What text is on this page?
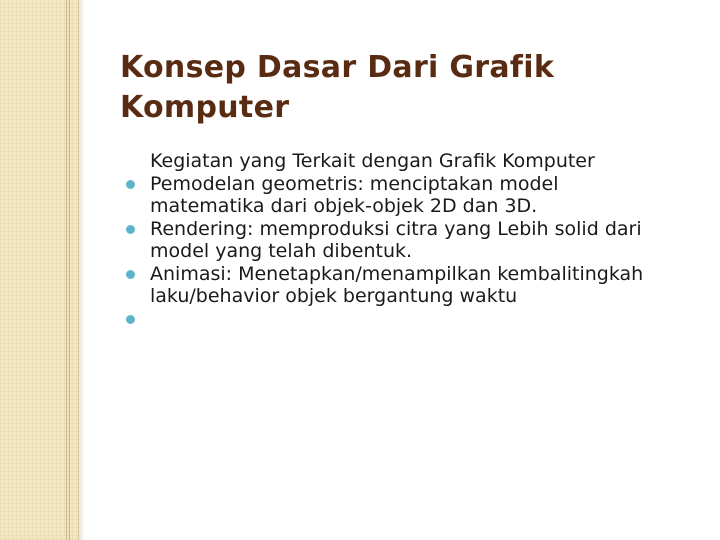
Konsep Dasar Dari Grafik Komputer
Kegiatan yang Terkait dengan Grafik Komputer
Pemodelan geometris: menciptakan model matematika dari objek-objek 2D dan 3D.
Rendering: memproduksi citra yang Lebih solid dari model yang telah dibentuk.
Animasi: Menetapkan/menampilkan kembalitingkah laku/behavior objek bergantung waktu
